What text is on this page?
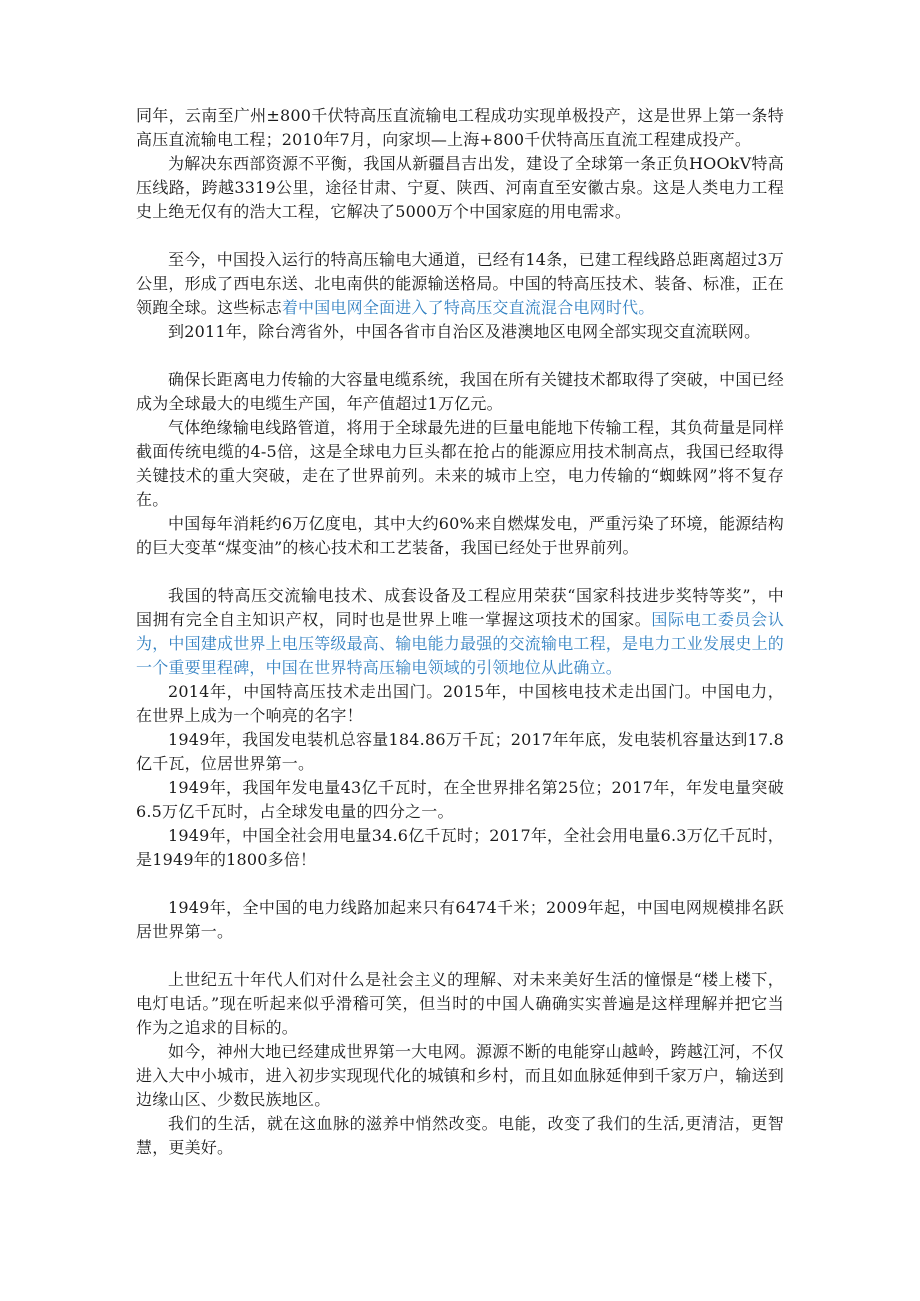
同年，云南至广州±800千伏特高压直流输电工程成功实现单极投产，这是世界上第一条特高压直流输电工程；2010年7月，向家坝—上海+800千伏特高压直流工程建成投产。

为解决东西部资源不平衡，我国从新疆昌吉出发，建设了全球第一条正负HOOkV特高压线路，跨越3319公里，途径甘肃、宁夏、陕西、河南直至安徽古泉。这是人类电力工程史上绝无仅有的浩大工程，它解决了5000万个中国家庭的用电需求。

至今，中国投入运行的特高压输电大通道，已经有14条，已建工程线路总距离超过3万公里，形成了西电东送、北电南供的能源输送格局。中国的特高压技术、装备、标准，正在领跑全球。这些标志着中国电网全面进入了特高压交直流混合电网时代。

到2011年，除台湾省外，中国各省市自治区及港澳地区电网全部实现交直流联网。

确保长距离电力传输的大容量电缆系统，我国在所有关键技术都取得了突破，中国已经成为全球最大的电缆生产国，年产值超过1万亿元。

气体绝缘输电线路管道，将用于全球最先进的巨量电能地下传输工程，其负荷量是同样截面传统电缆的4-5倍，这是全球电力巨头都在抢占的能源应用技术制高点，我国已经取得关键技术的重大突破，走在了世界前列。未来的城市上空，电力传输的“蜘蛛网”将不复存在。

中国每年消耗约6万亿度电，其中大约60%来自燃煤发电，严重污染了环境，能源结构的巨大变革“煤变油”的核心技术和工艺装备，我国已经处于世界前列。

我国的特高压交流输电技术、成套设备及工程应用荣获“国家科技进步奖特等奖”，中国拥有完全自主知识产权，同时也是世界上唯一掌握这项技术的国家。国际电工委员会认为，中国建成世界上电压等级最高、输电能力最强的交流输电工程，是电力工业发展史上的一个重要里程碑，中国在世界特高压输电领域的引领地位从此确立。

2014年，中国特高压技术走出国门。2015年，中国核电技术走出国门。中国电力，在世界上成为一个响亮的名字！

1949年，我国发电装机总容量184.86万千瓦；2017年年底，发电装机容量达到17.8亿千瓦，位居世界第一。

1949年，我国年发电量43亿千瓦时，在全世界排名第25位；2017年，年发电量突破6.5万亿千瓦时，占全球发电量的四分之一。

1949年，中国全社会用电量34.6亿千瓦时；2017年，全社会用电量6.3万亿千瓦时，是1949年的1800多倍！

1949年，全中国的电力线路加起来只有6474千米；2009年起，中国电网规模排名跃居世界第一。

上世纪五十年代人们对什么是社会主义的理解、对未来美好生活的憧憬是“楼上楼下，电灯电话。”现在听起来似乎滑稽可笑，但当时的中国人确确实实普遍是这样理解并把它当作为之追求的目标的。

如今，神州大地已经建成世界第一大电网。源源不断的电能穿山越岭，跨越江河，不仅进入大中小城市，进入初步实现现代化的城镇和乡村，而且如血脉延伸到千家万户，输送到边缘山区、少数民族地区。

我们的生活，就在这血脉的滋养中悄然改变。电能，改变了我们的生活,更清洁，更智慧，更美好。
